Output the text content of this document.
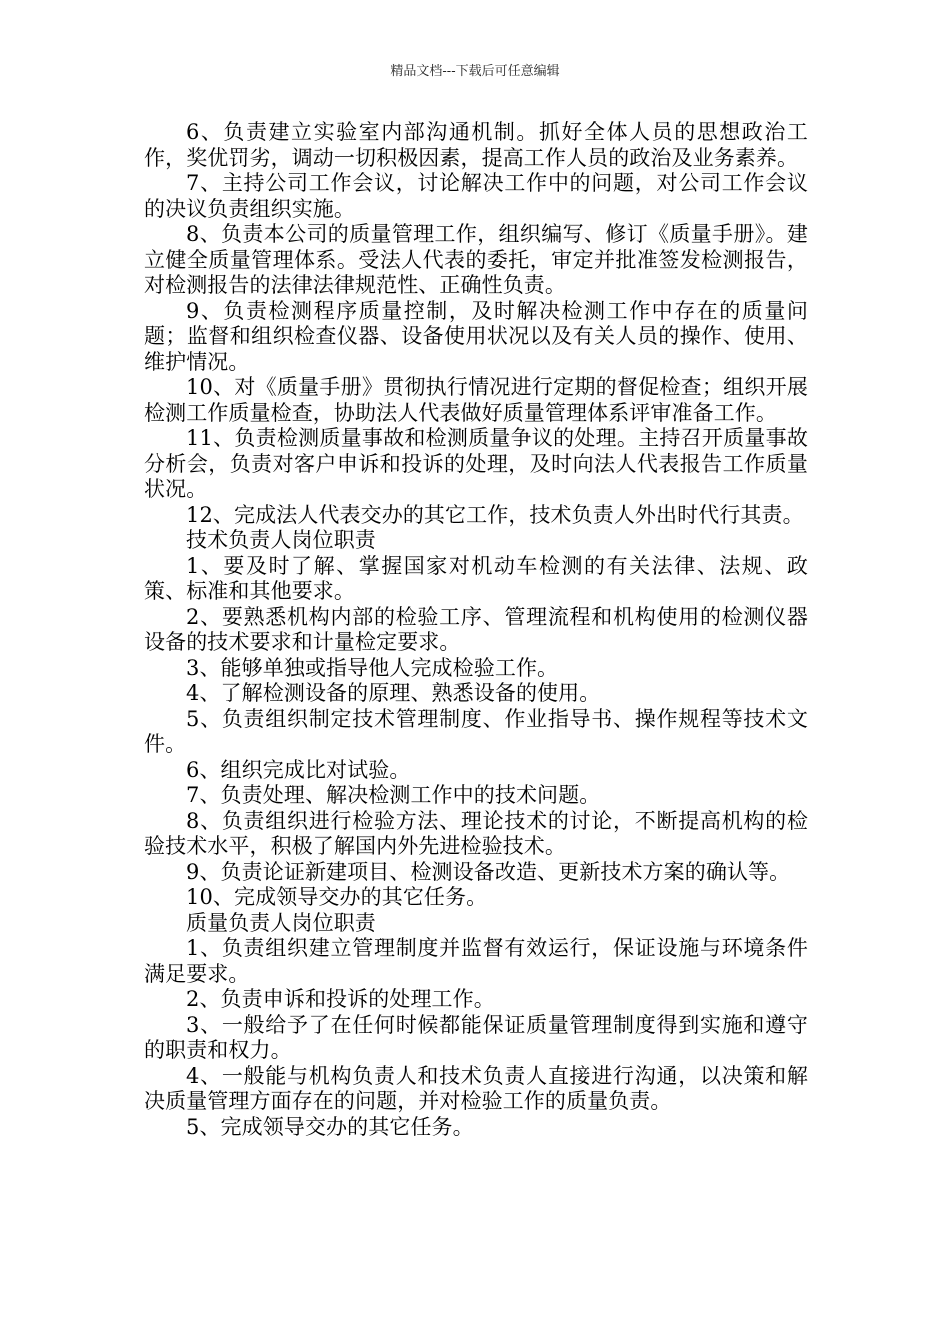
精品文档---下载后可任意编辑

6、负责建立实验室内部沟通机制。抓好全体人员的思想政治工作，奖优罚劣，调动一切积极因素，提高工作人员的政治及业务素养。

7、主持公司工作会议，讨论解决工作中的问题，对公司工作会议的决议负责组织实施。

8、负责本公司的质量管理工作，组织编写、修订《质量手册》。建立健全质量管理体系。受法人代表的委托，审定并批准签发检测报告，对检测报告的法律法律规范性、正确性负责。

9、负责检测程序质量控制，及时解决检测工作中存在的质量问题；监督和组织检查仪器、设备使用状况以及有关人员的操作、使用、维护情况。

10、对《质量手册》贯彻执行情况进行定期的督促检查；组织开展检测工作质量检查，协助法人代表做好质量管理体系评审准备工作。

11、负责检测质量事故和检测质量争议的处理。主持召开质量事故分析会，负责对客户申诉和投诉的处理，及时向法人代表报告工作质量状况。

12、完成法人代表交办的其它工作，技术负责人外出时代行其责。

技术负责人岗位职责

1、要及时了解、掌握国家对机动车检测的有关法律、法规、政策、标准和其他要求。

2、要熟悉机构内部的检验工序、管理流程和机构使用的检测仪器设备的技术要求和计量检定要求。

3、能够单独或指导他人完成检验工作。

4、了解检测设备的原理、熟悉设备的使用。

5、负责组织制定技术管理制度、作业指导书、操作规程等技术文件。

6、组织完成比对试验。

7、负责处理、解决检测工作中的技术问题。

8、负责组织进行检验方法、理论技术的讨论，不断提高机构的检验技术水平，积极了解国内外先进检验技术。

9、负责论证新建项目、检测设备改造、更新技术方案的确认等。

10、完成领导交办的其它任务。

质量负责人岗位职责

1、负责组织建立管理制度并监督有效运行，保证设施与环境条件满足要求。

2、负责申诉和投诉的处理工作。

3、一般给予了在任何时候都能保证质量管理制度得到实施和遵守的职责和权力。

4、一般能与机构负责人和技术负责人直接进行沟通，以决策和解决质量管理方面存在的问题，并对检验工作的质量负责。

5、完成领导交办的其它任务。
